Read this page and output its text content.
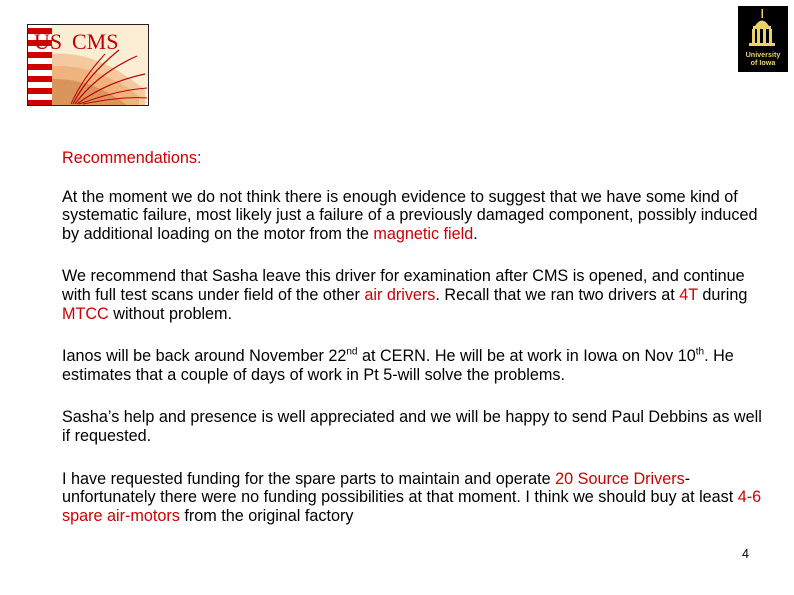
US CMS
University
of Iowa

Recommendations:

At the moment we do not think there is enough evidence to suggest that we have some kind of systematic failure, most likely just a failure of a previously damaged component, possibly induced by additional loading on the motor from the magnetic field.

We recommend that Sasha leave this driver for examination after CMS is opened, and continue with full test scans under field of the other air drivers. Recall that we ran two drivers at 4T during MTCC without problem.

Ianos will be back around November 22nd at CERN. He will be at work in Iowa on Nov 10th. He estimates that a couple of days of work in Pt 5-will solve the problems.

Sasha’s help and presence is well appreciated and we will be happy to send Paul Debbins as well if requested.

I have requested funding for the spare parts to maintain and operate 20 Source Drivers- unfortunately there were no funding possibilities at that moment. I think we should buy at least 4-6 spare air-motors from the original factory

4
